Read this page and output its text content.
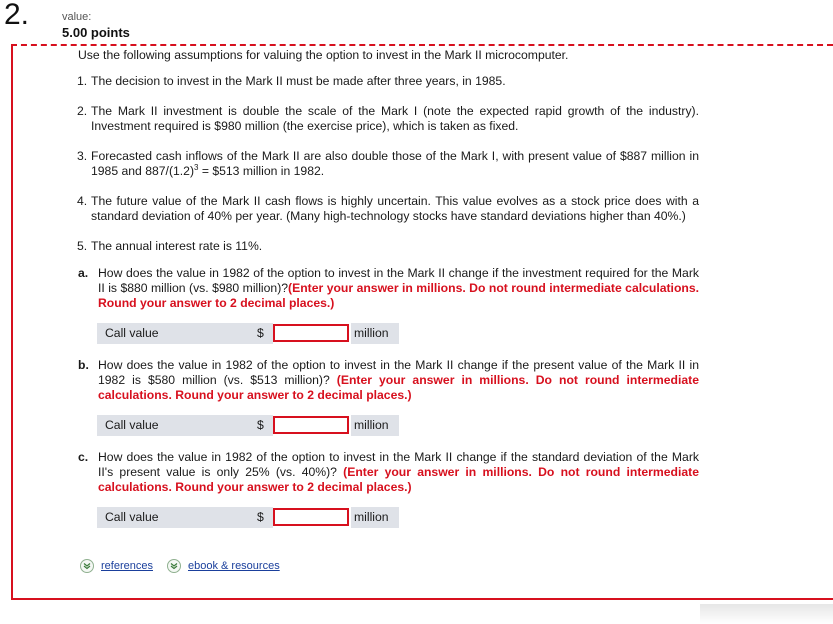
2.	value:
5.00 points

Use the following assumptions for valuing the option to invest in the Mark II microcomputer.

1. The decision to invest in the Mark II must be made after three years, in 1985.
2. The Mark II investment is double the scale of the Mark I (note the expected rapid growth of the industry). Investment required is $980 million (the exercise price), which is taken as fixed.
3. Forecasted cash inflows of the Mark II are also double those of the Mark I, with present value of $887 million in 1985 and $887/(1.2)^3$ = $513 million in 1982.
4. The future value of the Mark II cash flows is highly uncertain. This value evolves as a stock price does with a standard deviation of 40% per year. (Many high-technology stocks have standard deviations higher than 40%.)
5. The annual interest rate is 11%.
a. How does the value in 1982 of the option to invest in the Mark II change if the investment required for the Mark II is $880 million (vs. $980 million)?(Enter your answer in millions. Do not round intermediate calculations. Round your answer to 2 decimal places.)
Call value	$	million
b. How does the value in 1982 of the option to invest in the Mark II change if the present value of the Mark II in 1982 is $580 million (vs. $513 million)? (Enter your answer in millions. Do not round intermediate calculations. Round your answer to 2 decimal places.)
Call value	$	million
c. How does the value in 1982 of the option to invest in the Mark II change if the standard deviation of the Mark II's present value is only 25% (vs. 40%)? (Enter your answer in millions. Do not round intermediate calculations. Round your answer to 2 decimal places.)
Call value	$	million
references	ebook & resources
